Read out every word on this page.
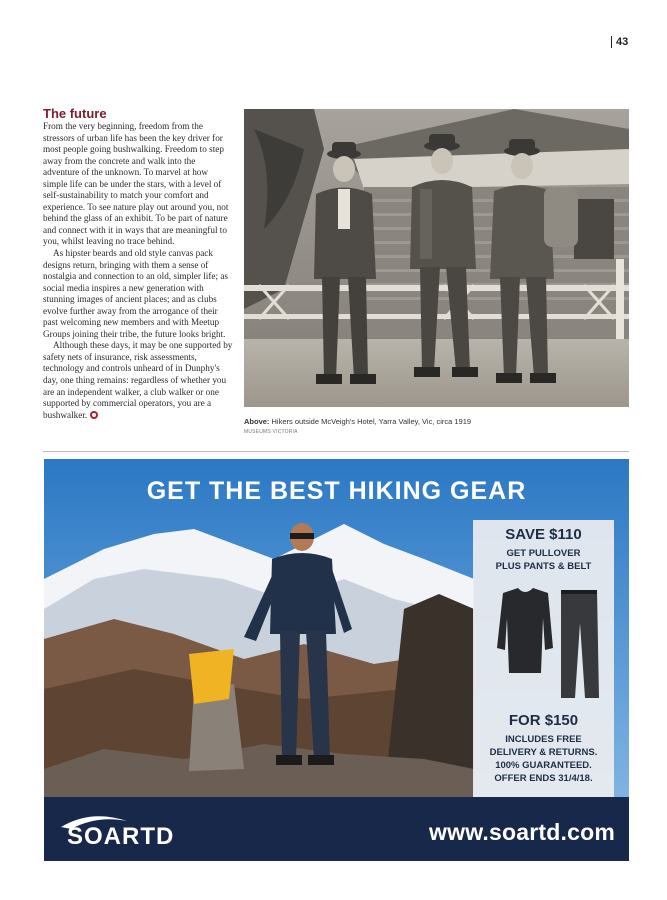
43
The future

From the very beginning, freedom from the stressors of urban life has been the key driver for most people going bushwalking. Freedom to step away from the concrete and walk into the adventure of the unknown. To marvel at how simple life can be under the stars, with a level of self-sustainability to match your comfort and experience. To see nature play out around you, not behind the glass of an exhibit. To be part of nature and connect with it in ways that are meaningful to you, whilst leaving no trace behind.

As hipster beards and old style canvas pack designs return, bringing with them a sense of nostalgia and connection to an old, simpler life; as social media inspires a new generation with stunning images of ancient places; and as clubs evolve further away from the arrogance of their past welcoming new members and with Meetup Groups joining their tribe, the future looks bright.

Although these days, it may be one supported by safety nets of insurance, risk assessments, technology and controls unheard of in Dunphy's day, one thing remains: regardless of whether you are an independent walker, a club walker or one supported by commercial operators, you are a bushwalker.

Above: Hikers outside McVeigh's Hotel, Yarra Valley, Vic, circa 1919
MUSEUMS VICTORIA
GET THE BEST HIKING GEAR
SAVE $110
GET PULLOVER
PLUS PANTS & BELT
FOR $150
INCLUDES FREE
DELIVERY & RETURNS.
100% GUARANTEED.
OFFER ENDS 31/4/18.
SOARTD	www.soartd.com
